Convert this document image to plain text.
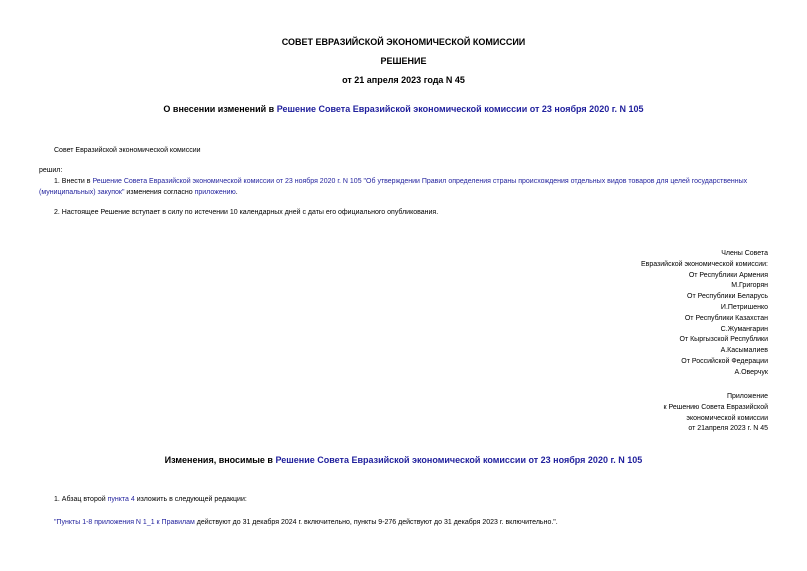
СОВЕТ ЕВРАЗИЙСКОЙ ЭКОНОМИЧЕСКОЙ КОМИССИИ
РЕШЕНИЕ
от 21 апреля 2023 года N 45
О внесении изменений в Решение Совета Евразийской экономической комиссии от 23 ноября 2020 г. N 105
Совет Евразийской экономической комиссии
решил:
1. Внести в Решение Совета Евразийской экономической комиссии от 23 ноября 2020 г. N 105 "Об утверждении Правил определения страны происхождения отдельных видов товаров для целей государственных (муниципальных) закупок" изменения согласно приложению.
2. Настоящее Решение вступает в силу по истечении 10 календарных дней с даты его официального опубликования.
Члены Совета
Евразийской экономической комиссии:
От Республики Армения
М.Григорян
От Республики Беларусь
И.Петришенко
От Республики Казахстан
С.Жумангарин
От Кыргызской Республики
А.Касымалиев
От Российской Федерации
А.Оверчук
Приложение
к Решению Совета Евразийской
экономической комиссии
от 21апреля 2023 г. N 45
Изменения, вносимые в Решение Совета Евразийской экономической комиссии от 23 ноября 2020 г. N 105
1. Абзац второй пункта 4 изложить в следующей редакции:
"Пункты 1-8 приложения N 1_1 к Правилам действуют до 31 декабря 2024 г. включительно, пункты 9-276 действуют до 31 декабря 2023 г. включительно.".
